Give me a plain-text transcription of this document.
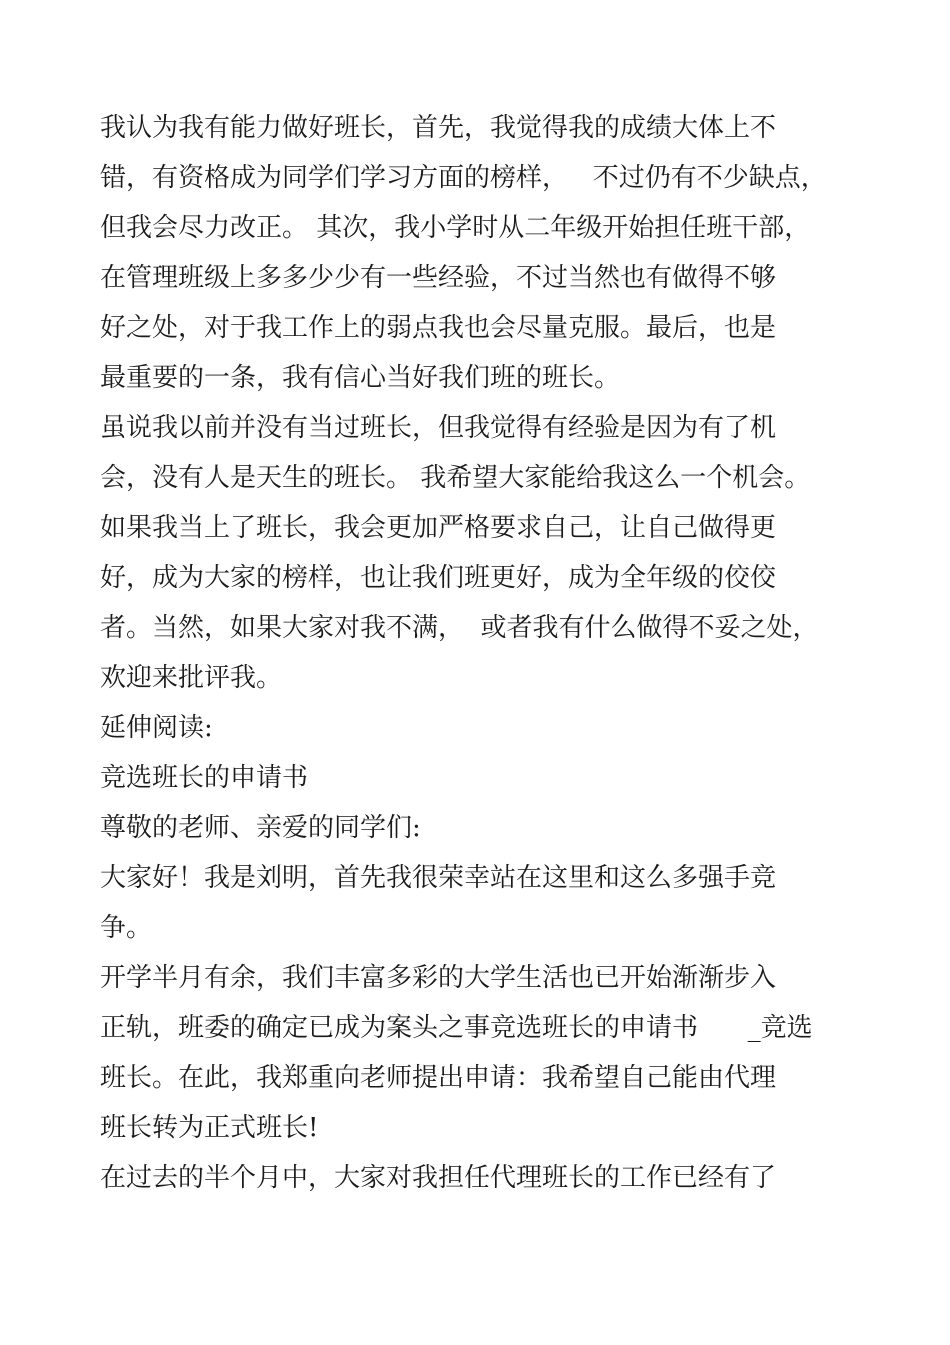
我认为我有能力做好班长，首先，我觉得我的成绩大体上不
错，有资格成为同学们学习方面的榜样，   不过仍有不少缺点，
但我会尽力改正。 其次，我小学时从二年级开始担任班干部，
在管理班级上多多少少有一些经验，不过当然也有做得不够
好之处，对于我工作上的弱点我也会尽量克服。最后，也是
最重要的一条，我有信心当好我们班的班长。
虽说我以前并没有当过班长，但我觉得有经验是因为有了机
会，没有人是天生的班长。 我希望大家能给我这么一个机会。
如果我当上了班长，我会更加严格要求自己，让自己做得更
好，成为大家的榜样，也让我们班更好，成为全年级的佼佼
者。当然，如果大家对我不满，  或者我有什么做得不妥之处，
欢迎来批评我。
延伸阅读:
竞选班长的申请书
尊敬的老师、亲爱的同学们:
大家好！我是刘明，首先我很荣幸站在这里和这么多强手竞
争。
开学半月有余，我们丰富多彩的大学生活也已开始渐渐步入
正轨，班委的确定已成为案头之事竞选班长的申请书      _竞选
班长。在此，我郑重向老师提出申请：我希望自己能由代理
班长转为正式班长!
在过去的半个月中，大家对我担任代理班长的工作已经有了
